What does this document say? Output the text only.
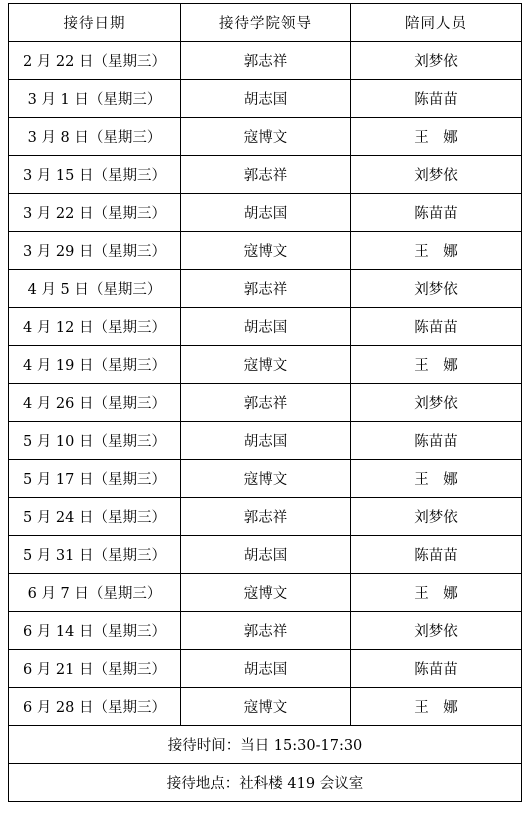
接待日期	接待学院领导	陪同人员
2 月 22 日（星期三）	郭志祥	刘梦依
3 月 1 日（星期三）	胡志国	陈苗苗
3 月 8 日（星期三）	寇博文	王　娜
3 月 15 日（星期三）	郭志祥	刘梦依
3 月 22 日（星期三）	胡志国	陈苗苗
3 月 29 日（星期三）	寇博文	王　娜
4 月 5 日（星期三）	郭志祥	刘梦依
4 月 12 日（星期三）	胡志国	陈苗苗
4 月 19 日（星期三）	寇博文	王　娜
4 月 26 日（星期三）	郭志祥	刘梦依
5 月 10 日（星期三）	胡志国	陈苗苗
5 月 17 日（星期三）	寇博文	王　娜
5 月 24 日（星期三）	郭志祥	刘梦依
5 月 31 日（星期三）	胡志国	陈苗苗
6 月 7 日（星期三）	寇博文	王　娜
6 月 14 日（星期三）	郭志祥	刘梦依
6 月 21 日（星期三）	胡志国	陈苗苗
6 月 28 日（星期三）	寇博文	王　娜
接待时间：当日 15:30-17:30		
接待地点：社科楼 419 会议室		
